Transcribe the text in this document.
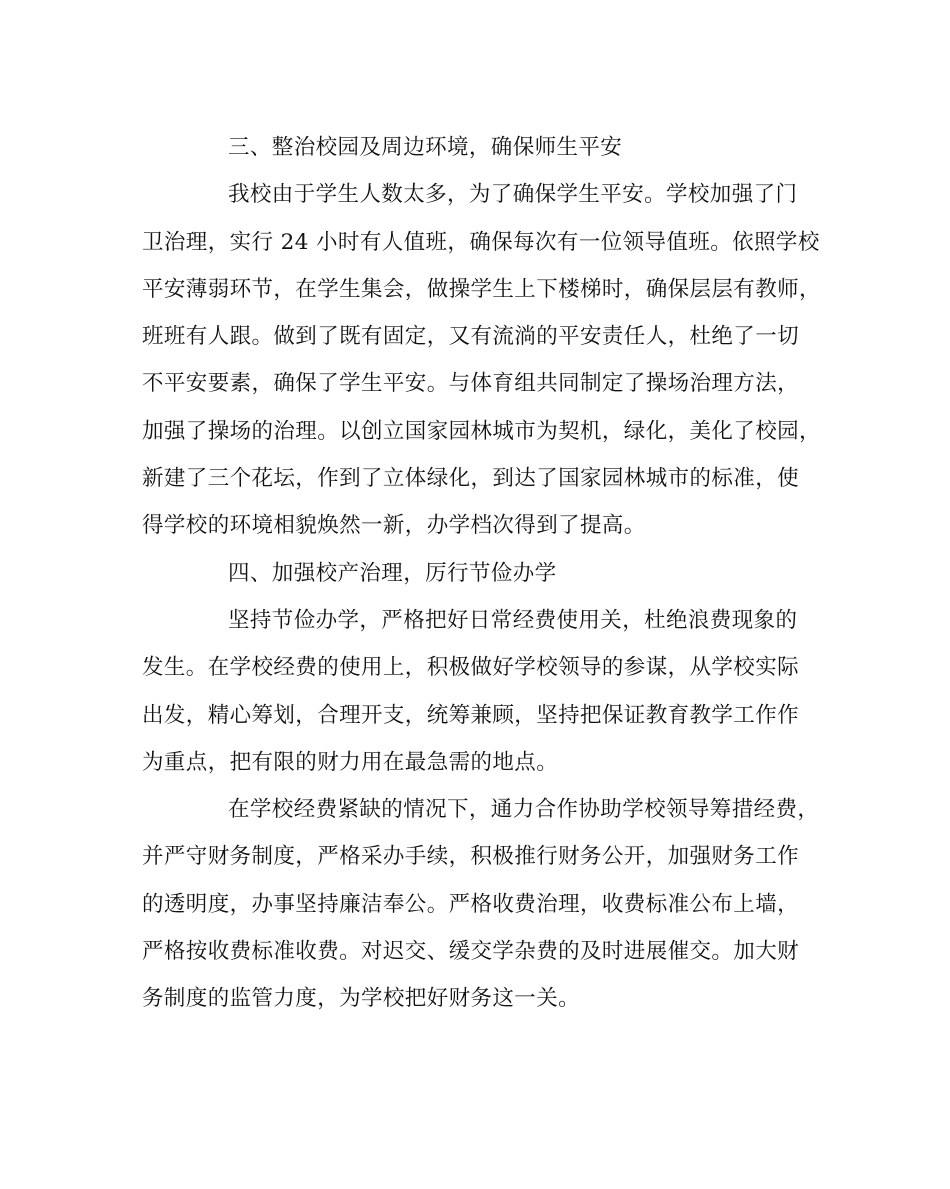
三、整治校园及周边环境，确保师生平安
我校由于学生人数太多，为了确保学生平安。学校加强了门
卫治理，实行 24 小时有人值班，确保每次有一位领导值班。依照学校
平安薄弱环节，在学生集会，做操学生上下楼梯时，确保层层有教师，
班班有人跟。做到了既有固定，又有流淌的平安责任人，杜绝了一切
不平安要素，确保了学生平安。与体育组共同制定了操场治理方法，
加强了操场的治理。以创立国家园林城市为契机，绿化，美化了校园，
新建了三个花坛，作到了立体绿化，到达了国家园林城市的标准，使
得学校的环境相貌焕然一新，办学档次得到了提高。
四、加强校产治理，厉行节俭办学
坚持节俭办学，严格把好日常经费使用关，杜绝浪费现象的
发生。在学校经费的使用上，积极做好学校领导的参谋，从学校实际
出发，精心筹划，合理开支，统筹兼顾，坚持把保证教育教学工作作
为重点，把有限的财力用在最急需的地点。
在学校经费紧缺的情况下，通力合作协助学校领导筹措经费，
并严守财务制度，严格采办手续，积极推行财务公开，加强财务工作
的透明度，办事坚持廉洁奉公。严格收费治理，收费标准公布上墙，
严格按收费标准收费。对迟交、缓交学杂费的及时进展催交。加大财
务制度的监管力度，为学校把好财务这一关。
